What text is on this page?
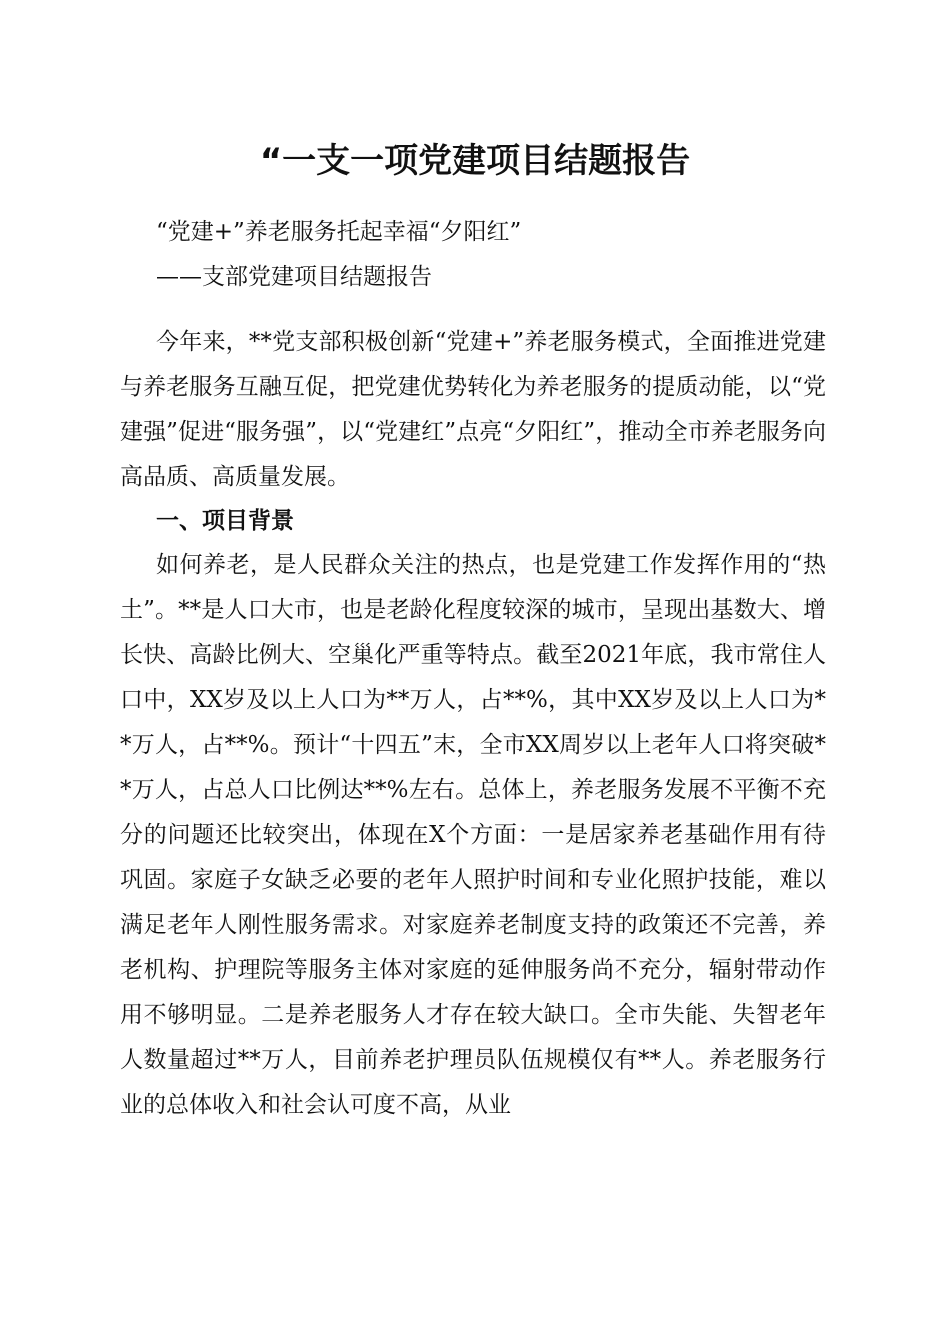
“一支一项党建项目结题报告

“党建+”养老服务托起幸福“夕阳红”

——支部党建项目结题报告

今年来，**党支部积极创新“党建+”养老服务模式，全面推进党建与养老服务互融互促，把党建优势转化为养老服务的提质动能，以“党建强”促进“服务强”，以“党建红”点亮“夕阳红”，推动全市养老服务向高品质、高质量发展。

一、项目背景

如何养老，是人民群众关注的热点，也是党建工作发挥作用的“热土”。**是人口大市，也是老龄化程度较深的城市，呈现出基数大、增长快、高龄比例大、空巢化严重等特点。截至2021年底，我市常住人口中，XX岁及以上人口为**万人，占**%，其中XX岁及以上人口为**万人，占**%。预计“十四五”末，全市XX周岁以上老年人口将突破**万人，占总人口比例达**%左右。总体上，养老服务发展不平衡不充分的问题还比较突出，体现在X个方面：一是居家养老基础作用有待巩固。家庭子女缺乏必要的老年人照护时间和专业化照护技能，难以满足老年人刚性服务需求。对家庭养老制度支持的政策还不完善，养老机构、护理院等服务主体对家庭的延伸服务尚不充分，辐射带动作用不够明显。二是养老服务人才存在较大缺口。全市失能、失智老年人数量超过**万人，目前养老护理员队伍规模仅有**人。养老服务行业的总体收入和社会认可度不高，从业
